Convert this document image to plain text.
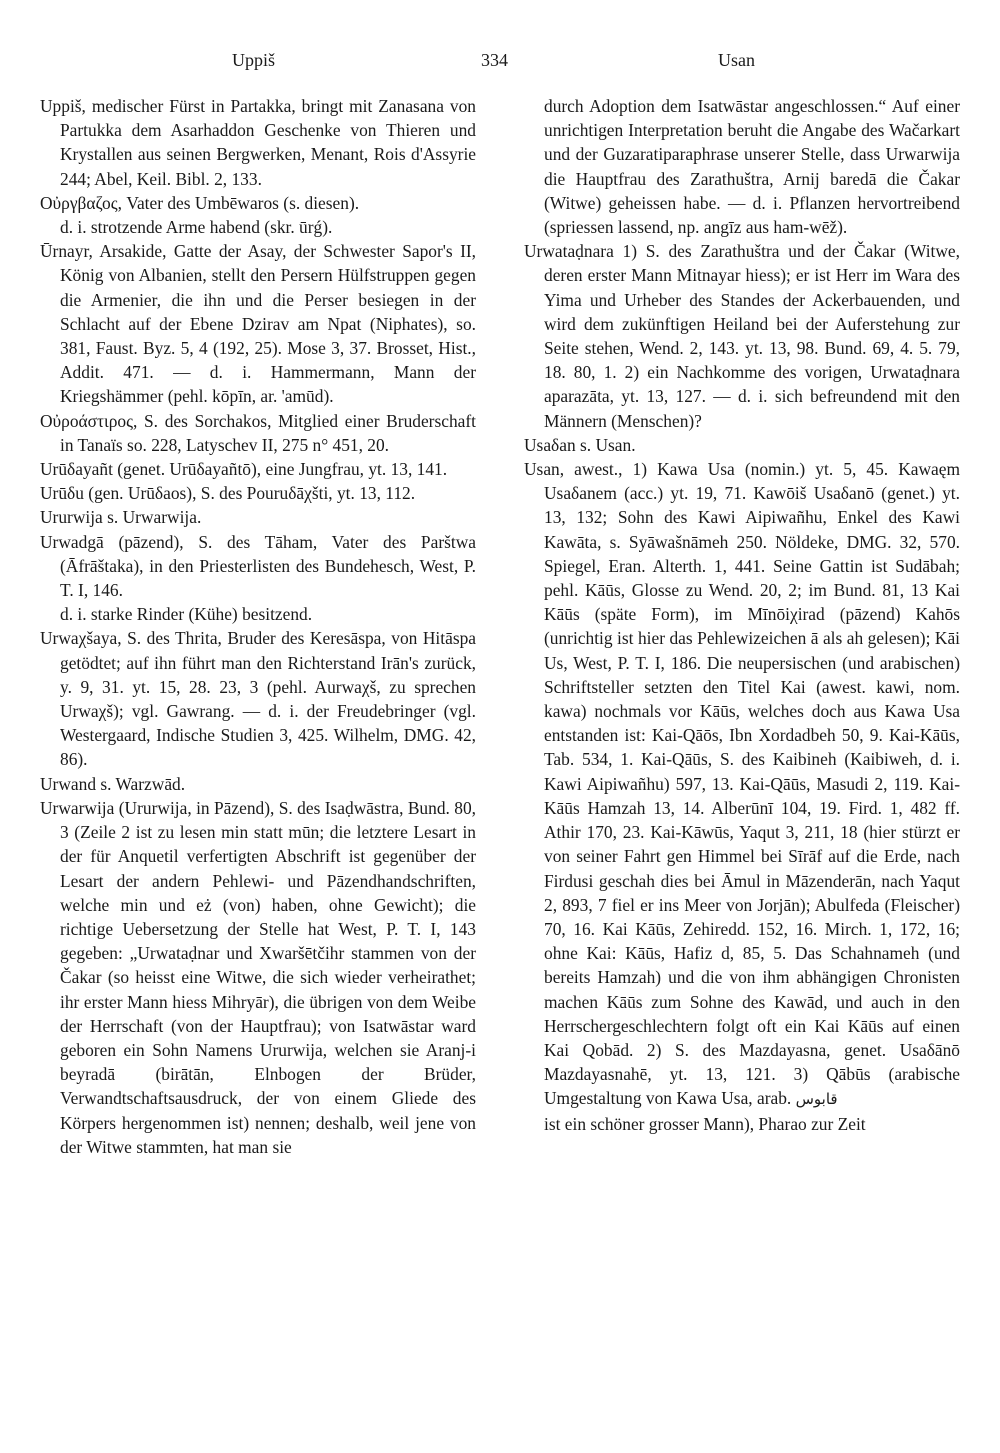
Uppiš	334	Usan

Uppiš, medischer Fürst in Partakka, bringt mit Zanasana von Partukka dem Asarhaddon Geschenke von Thieren und Krystallen aus seinen Bergwerken, Menant, Rois d'Assyrie 244; Abel, Keil. Bibl. 2, 133.

Οὐργβαζος, Vater des Umbēwaros (s. diesen).

d. i. strotzende Arme habend (skr. ūrǵ).

Ūrnayr, Arsakide, Gatte der Asay, der Schwester Sapor's II, König von Albanien, stellt den Persern Hülfstruppen gegen die Armenier, die ihn und die Perser besiegen in der Schlacht auf der Ebene Dzirav am Npat (Niphates), so. 381, Faust. Byz. 5, 4 (192, 25). Mose 3, 37. Brosset, Hist., Addit. 471. — d. i. Hammermann, Mann der Kriegshämmer (pehl. kōpīn, ar. 'amūd).

Οὐροάστιρος, S. des Sorchakos, Mitglied einer Bruderschaft in Tanaïs so. 228, Latyschev II, 275 n° 451, 20.

Urūδayañt (genet. Urūδayañtō), eine Jungfrau, yt. 13, 141.

Urūδu (gen. Urūδaos), S. des Pouruδāχšti, yt. 13, 112.

Ururwija s. Urwarwija.

Urwadgā (pāzend), S. des Tāham, Vater des Parštwa (Āfrāštaka), in den Priesterlisten des Bundehesch, West, P. T. I, 146.

d. i. starke Rinder (Kühe) besitzend.

Urwaχšaya, S. des Thrita, Bruder des Keresāspa, von Hitāspa getödtet; auf ihn führt man den Richterstand Irān's zurück, y. 9, 31. yt. 15, 28. 23, 3 (pehl. Aurwaχš, zu sprechen Urwaχš); vgl. Gawrang. — d. i. der Freudebringer (vgl. Westergaard, Indische Studien 3, 425. Wilhelm, DMG. 42, 86).

Urwand s. Warzwād.

Urwarwija (Ururwija, in Pāzend), S. des Isaḍwāstra, Bund. 80, 3 (Zeile 2 ist zu lesen min statt mūn; die letztere Lesart in der für Anquetil verfertigten Abschrift ist gegenüber der Lesart der andern Pehlewi- und Pāzendhandschriften, welche min und eż (von) haben, ohne Gewicht); die richtige Uebersetzung der Stelle hat West, P. T. I, 143 gegeben: „Urwataḍnar und Xwaršētčihr stammen von der Čakar (so heisst eine Witwe, die sich wieder verheirathet; ihr erster Mann hiess Mihryār), die übrigen von dem Weibe der Herrschaft (von der Hauptfrau); von Isatwāstar ward geboren ein Sohn Namens Ururwija, welchen sie Aranj-i beyradā (birātān, Elnbogen der Brüder, Verwandtschaftsausdruck, der von einem Gliede des Körpers hergenommen ist) nennen; deshalb, weil jene von der Witwe stammten, hat man sie

durch Adoption dem Isatwāstar angeschlossen.“ Auf einer unrichtigen Interpretation beruht die Angabe des Wačarkart und der Guzaratiparaphrase unserer Stelle, dass Urwarwija die Hauptfrau des Zarathuštra, Arnij baredā die Čakar (Witwe) geheissen habe. — d. i. Pflanzen hervortreibend (spriessen lassend, np. angīz aus ham-wēž).

Urwataḍnara 1) S. des Zarathuštra und der Čakar (Witwe, deren erster Mann Mitnayar hiess); er ist Herr im Wara des Yima und Urheber des Standes der Ackerbauenden, und wird dem zukünftigen Heiland bei der Auferstehung zur Seite stehen, Wend. 2, 143. yt. 13, 98. Bund. 69, 4. 5. 79, 18. 80, 1. 2) ein Nachkomme des vorigen, Urwataḍnara aparazāta, yt. 13, 127. — d. i. sich befreundend mit den Männern (Menschen)?

Usaδan s. Usan.

Usan, awest., 1) Kawa Usa (nomin.) yt. 5, 45. Kawaęm Usaδanem (acc.) yt. 19, 71. Kawōiš Usaδanō (genet.) yt. 13, 132; Sohn des Kawi Aipiwañhu, Enkel des Kawi Kawāta, s. Syāwašnāmeh 250. Nöldeke, DMG. 32, 570. Spiegel, Eran. Alterth. 1, 441. Seine Gattin ist Sudābah; pehl. Kāūs, Glosse zu Wend. 20, 2; im Bund. 81, 13 Kai Kāūs (späte Form), im Mīnōiχirad (pāzend) Kahōs (unrichtig ist hier das Pehlewizeichen ā als ah gelesen); Kāi Us, West, P. T. I, 186. Die neupersischen (und arabischen) Schriftsteller setzten den Titel Kai (awest. kawi, nom. kawa) nochmals vor Kāūs, welches doch aus Kawa Usa entstanden ist: Kai-Qāōs, Ibn Xordadbeh 50, 9. Kai-Kāūs, Tab. 534, 1. Kai-Qāūs, S. des Kaibineh (Kaibiweh, d. i. Kawi Aipiwañhu) 597, 13. Kai-Qāūs, Masudi 2, 119. Kai-Kāūs Hamzah 13, 14. Alberūnī 104, 19. Fird. 1, 482 ff. Athir 170, 23. Kai-Kāwūs, Yaqut 3, 211, 18 (hier stürzt er von seiner Fahrt gen Himmel bei Sīrāf auf die Erde, nach Firdusi geschah dies bei Āmul in Māzenderān, nach Yaqut 2, 893, 7 fiel er ins Meer von Jorjān); Abulfeda (Fleischer) 70, 16. Kai Kāūs, Zehiredd. 152, 16. Mirch. 1, 172, 16; ohne Kai: Kāūs, Hafiz d, 85, 5. Das Schahnameh (und bereits Hamzah) und die von ihm abhängigen Chronisten machen Kāūs zum Sohne des Kawād, und auch in den Herrschergeschlechtern folgt oft ein Kai Kāūs auf einen Kai Qobād. 2) S. des Mazdayasna, genet. Usaδānō Mazdayasnahē, yt. 13, 121. 3) Qābūs (arabische Umgestaltung von Kawa Usa, arab. قابوس

ist ein schöner grosser Mann), Pharao zur Zeit
